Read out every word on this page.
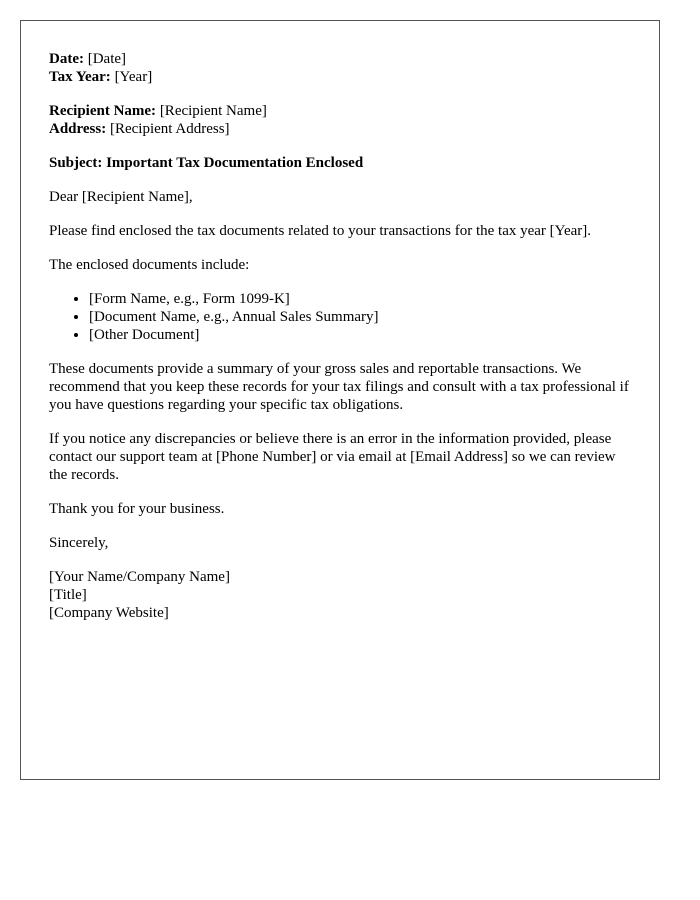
Date: [Date]
Tax Year: [Year]

Recipient Name: [Recipient Name]
Address: [Recipient Address]

Subject: Important Tax Documentation Enclosed

Dear [Recipient Name],

Please find enclosed the tax documents related to your transactions for the tax year [Year].

The enclosed documents include:

• [Form Name, e.g., Form 1099-K]
• [Document Name, e.g., Annual Sales Summary]
• [Other Document]

These documents provide a summary of your gross sales and reportable transactions. We recommend that you keep these records for your tax filings and consult with a tax professional if you have questions regarding your specific tax obligations.

If you notice any discrepancies or believe there is an error in the information provided, please contact our support team at [Phone Number] or via email at [Email Address] so we can review the records.

Thank you for your business.

Sincerely,

[Your Name/Company Name]
[Title]
[Company Website]
